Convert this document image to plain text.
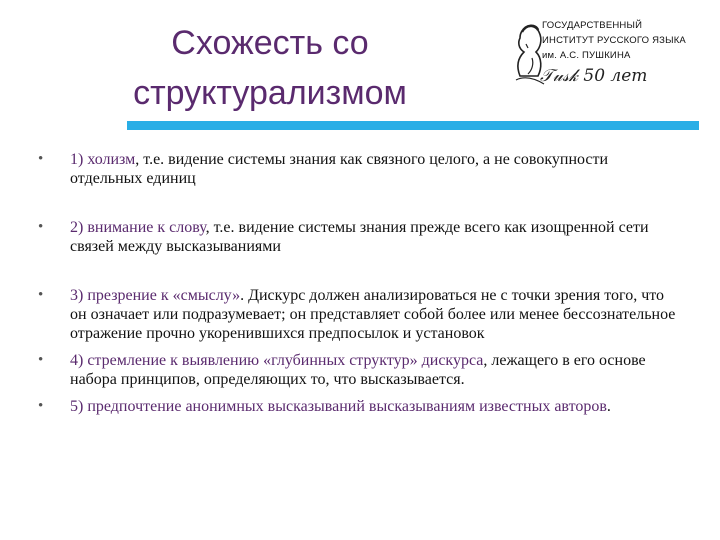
Схожесть со
структурализмом
ГОСУДАРСТВЕННЫЙ
ИНСТИТУТ РУССКОГО ЯЗЫКА
им. А.С. ПУШКИНА
𝒯𝓊𝓈𝓀 50 лет
• 1) холизм, т.е. видение системы знания как связного целого, а не совокупности отдельных единиц
• 2) внимание к слову, т.е. видение системы знания прежде всего как изощренной сети связей между высказываниями
• 3) презрение к «смыслу». Дискурс должен анализироваться не с точки зрения того, что он означает или подразумевает; он представляет собой более или менее бессознательное отражение прочно укоренившихся предпосылок и установок
• 4) стремление к выявлению «глубинных структур» дискурса, лежащего в его основе набора принципов, определяющих то, что высказывается.
• 5) предпочтение анонимных высказываний высказываниям известных авторов.
